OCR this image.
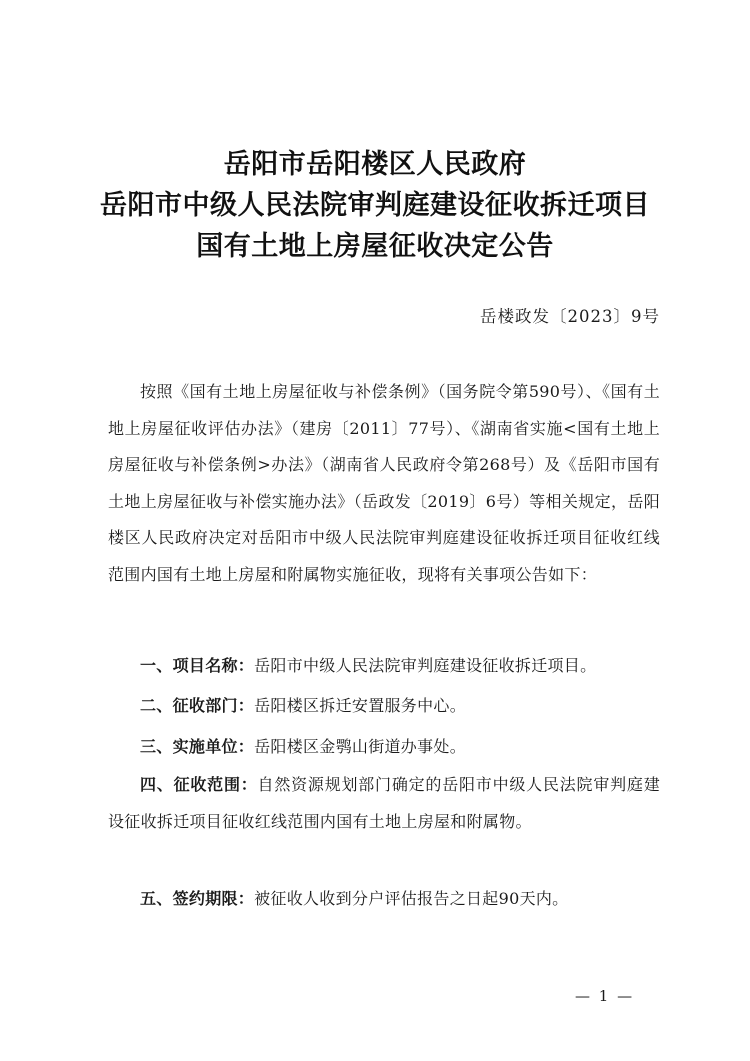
岳阳市岳阳楼区人民政府
岳阳市中级人民法院审判庭建设征收拆迁项目
国有土地上房屋征收决定公告
岳楼政发〔2023〕9号
按照《国有土地上房屋征收与补偿条例》（国务院令第590号）、《国有土地上房屋征收评估办法》（建房〔2011〕77号）、《湖南省实施<国有土地上房屋征收与补偿条例>办法》（湖南省人民政府令第268号）及《岳阳市国有土地上房屋征收与补偿实施办法》（岳政发〔2019〕6号）等相关规定，岳阳楼区人民政府决定对岳阳市中级人民法院审判庭建设征收拆迁项目征收红线范围内国有土地上房屋和附属物实施征收，现将有关事项公告如下：
一、项目名称：岳阳市中级人民法院审判庭建设征收拆迁项目。
二、征收部门：岳阳楼区拆迁安置服务中心。
三、实施单位：岳阳楼区金鹗山街道办事处。
四、征收范围：自然资源规划部门确定的岳阳市中级人民法院审判庭建设征收拆迁项目征收红线范围内国有土地上房屋和附属物。
五、签约期限：被征收人收到分户评估报告之日起90天内。
— 1 —
